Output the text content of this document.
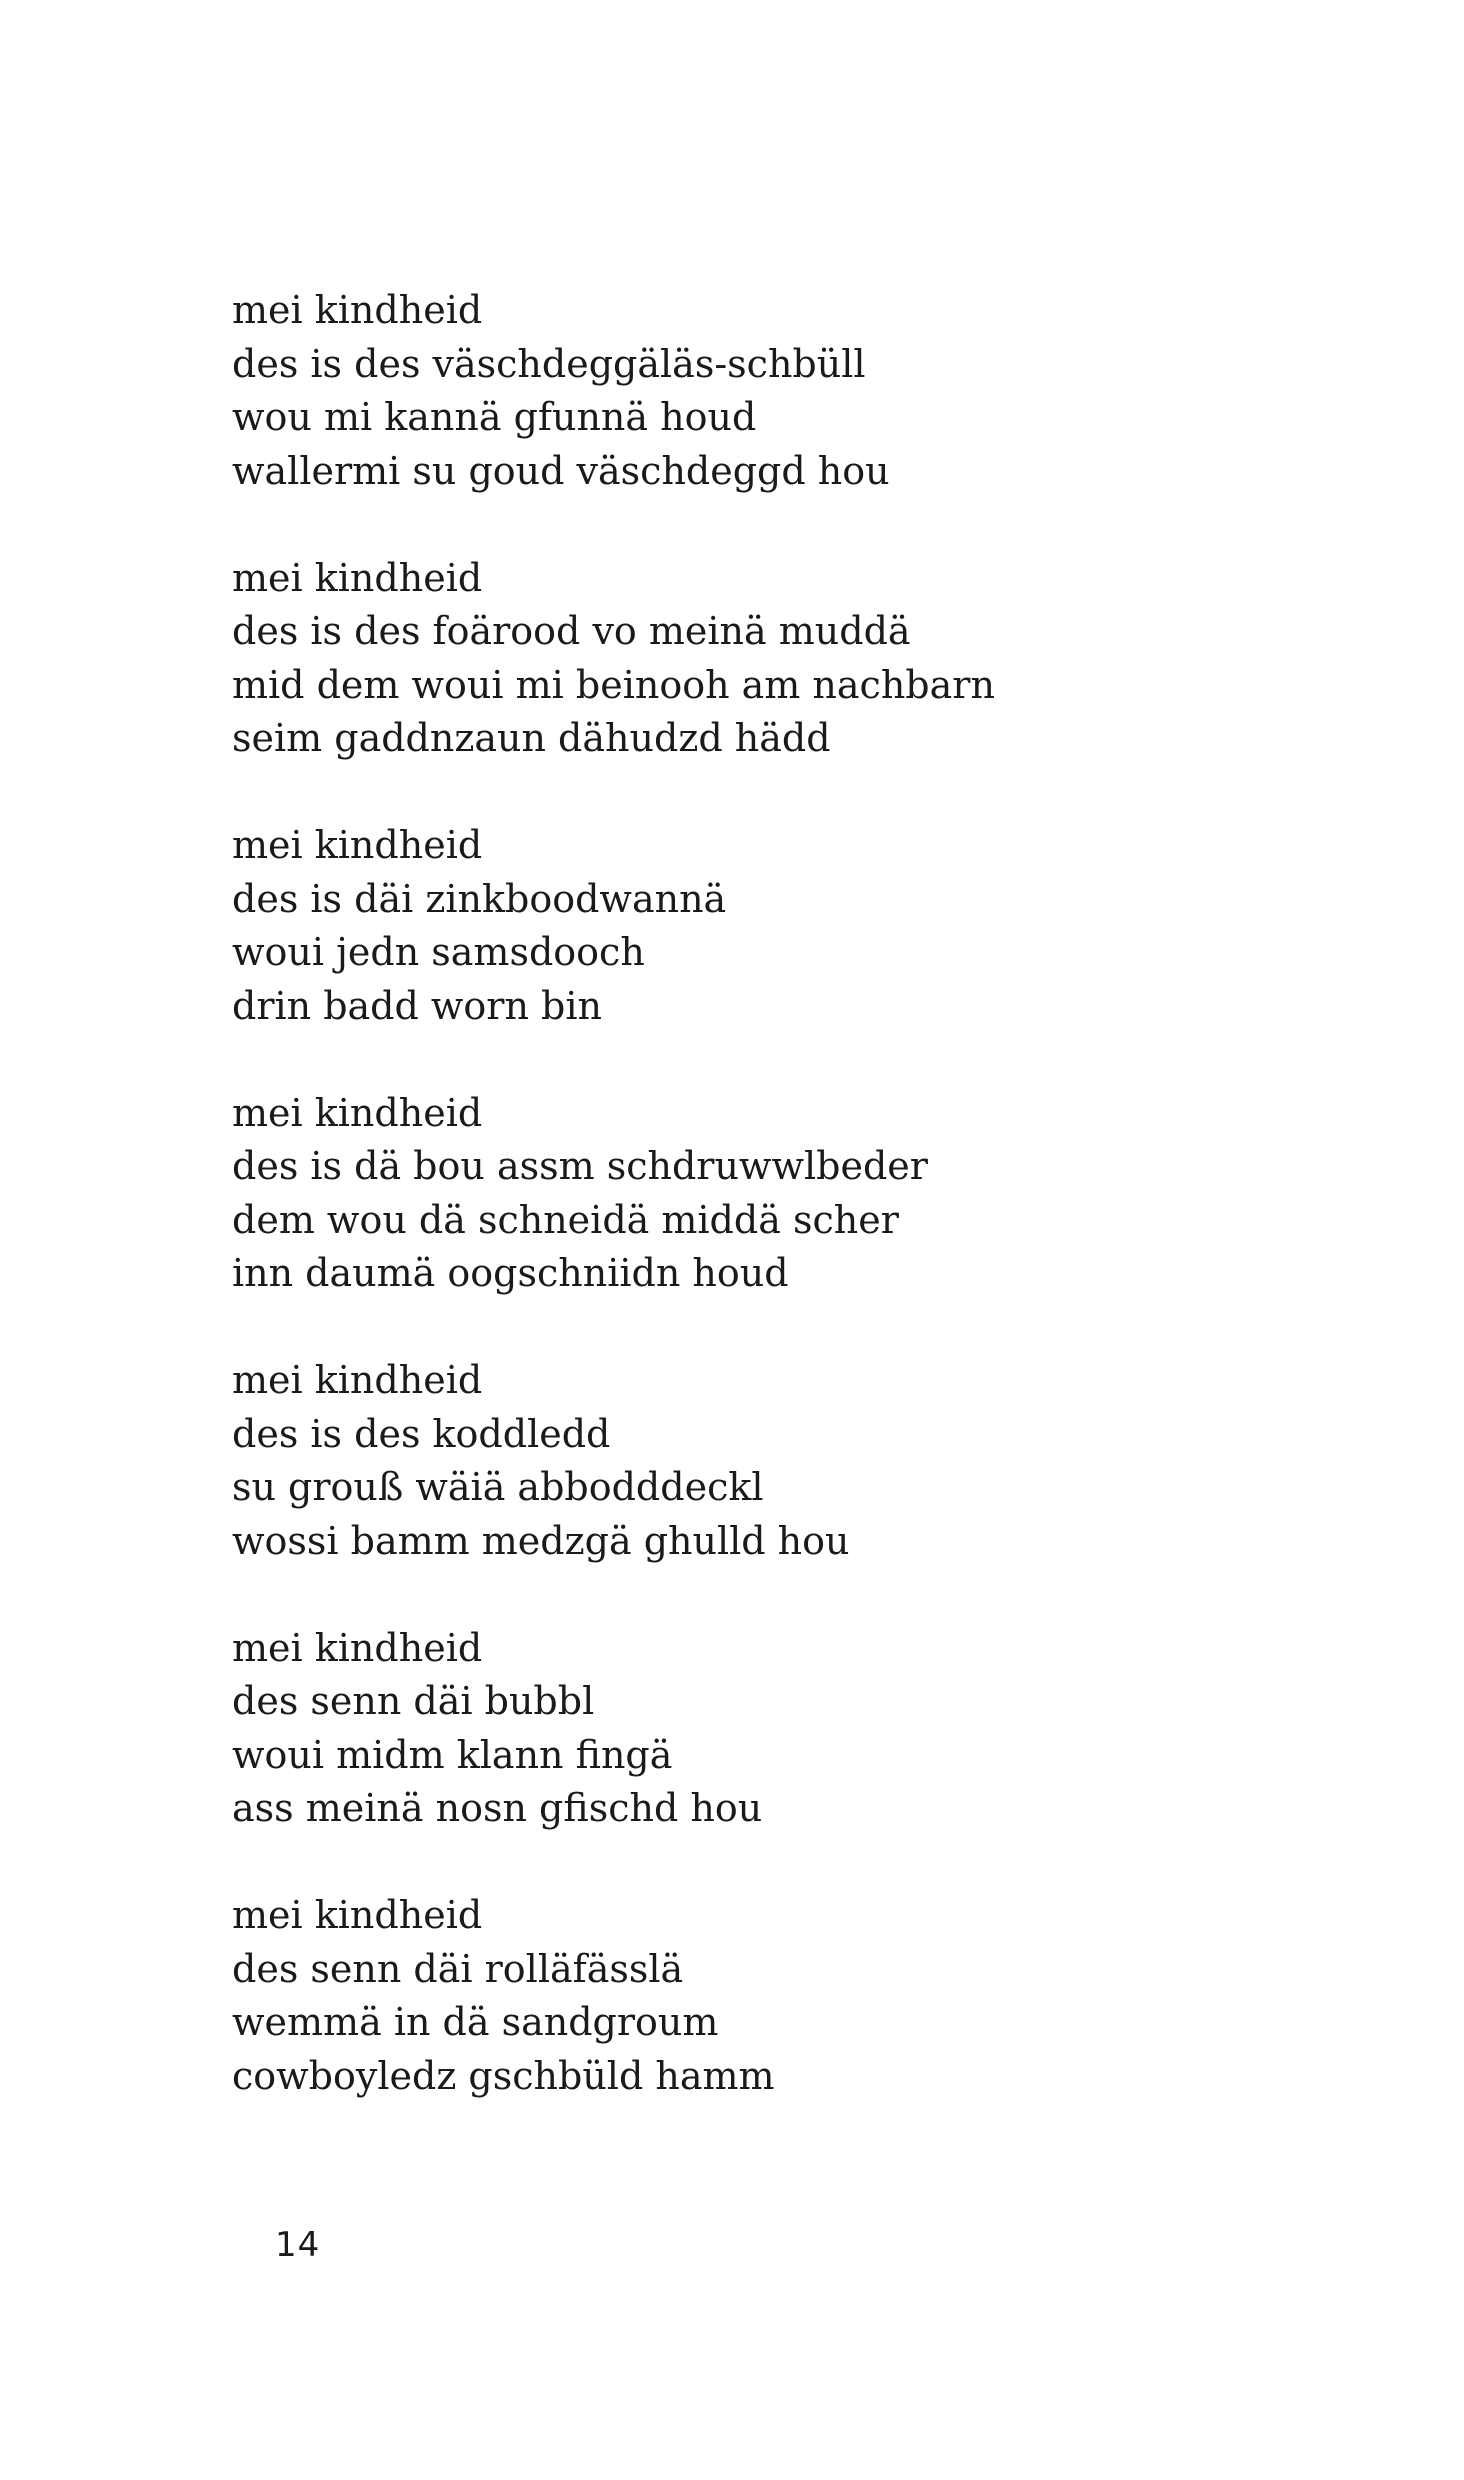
mei kindheid
des is des väschdeggäläs-schbüll
wou mi kannä gfunnä houd
wallermi su goud väschdeggd hou
mei kindheid
des is des foärood vo meinä muddä
mid dem woui mi beinooh am nachbarn
seim gaddnzaun dähudzd hädd
mei kindheid
des is däi zinkboodwannä
woui jedn samsdooch
drin badd worn bin
mei kindheid
des is dä bou assm schdruwwlbeder
dem wou dä schneidä middä scher
inn daumä oogschniidn houd
mei kindheid
des is des koddledd
su grouß wäiä abbodddeckl
wossi bamm medzgä ghulld hou
mei kindheid
des senn däi bubbl
woui midm klann fingä
ass meinä nosn gfischd hou
mei kindheid
des senn däi rolläfässlä
wemmä in dä sandgroum
cowboyledz gschbüld hamm
14
